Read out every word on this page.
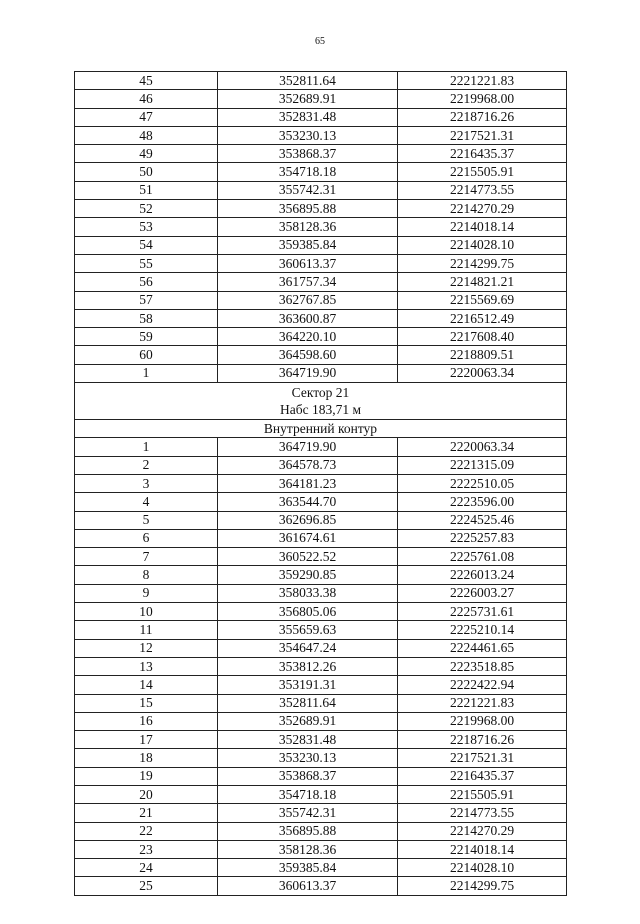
65
45	352811.64	2221221.83
46	352689.91	2219968.00
47	352831.48	2218716.26
48	353230.13	2217521.31
49	353868.37	2216435.37
50	354718.18	2215505.91
51	355742.31	2214773.55
52	356895.88	2214270.29
53	358128.36	2214018.14
54	359385.84	2214028.10
55	360613.37	2214299.75
56	361757.34	2214821.21
57	362767.85	2215569.69
58	363600.87	2216512.49
59	364220.10	2217608.40
60	364598.60	2218809.51
1	364719.90	2220063.34

Сектор 21
Набс 183,71 м		

Внутренний контур		
1	364719.90	2220063.34
2	364578.73	2221315.09
3	364181.23	2222510.05
4	363544.70	2223596.00
5	362696.85	2224525.46
6	361674.61	2225257.83
7	360522.52	2225761.08
8	359290.85	2226013.24
9	358033.38	2226003.27
10	356805.06	2225731.61
11	355659.63	2225210.14
12	354647.24	2224461.65
13	353812.26	2223518.85
14	353191.31	2222422.94
15	352811.64	2221221.83
16	352689.91	2219968.00
17	352831.48	2218716.26
18	353230.13	2217521.31
19	353868.37	2216435.37
20	354718.18	2215505.91
21	355742.31	2214773.55
22	356895.88	2214270.29
23	358128.36	2214018.14
24	359385.84	2214028.10
25	360613.37	2214299.75
